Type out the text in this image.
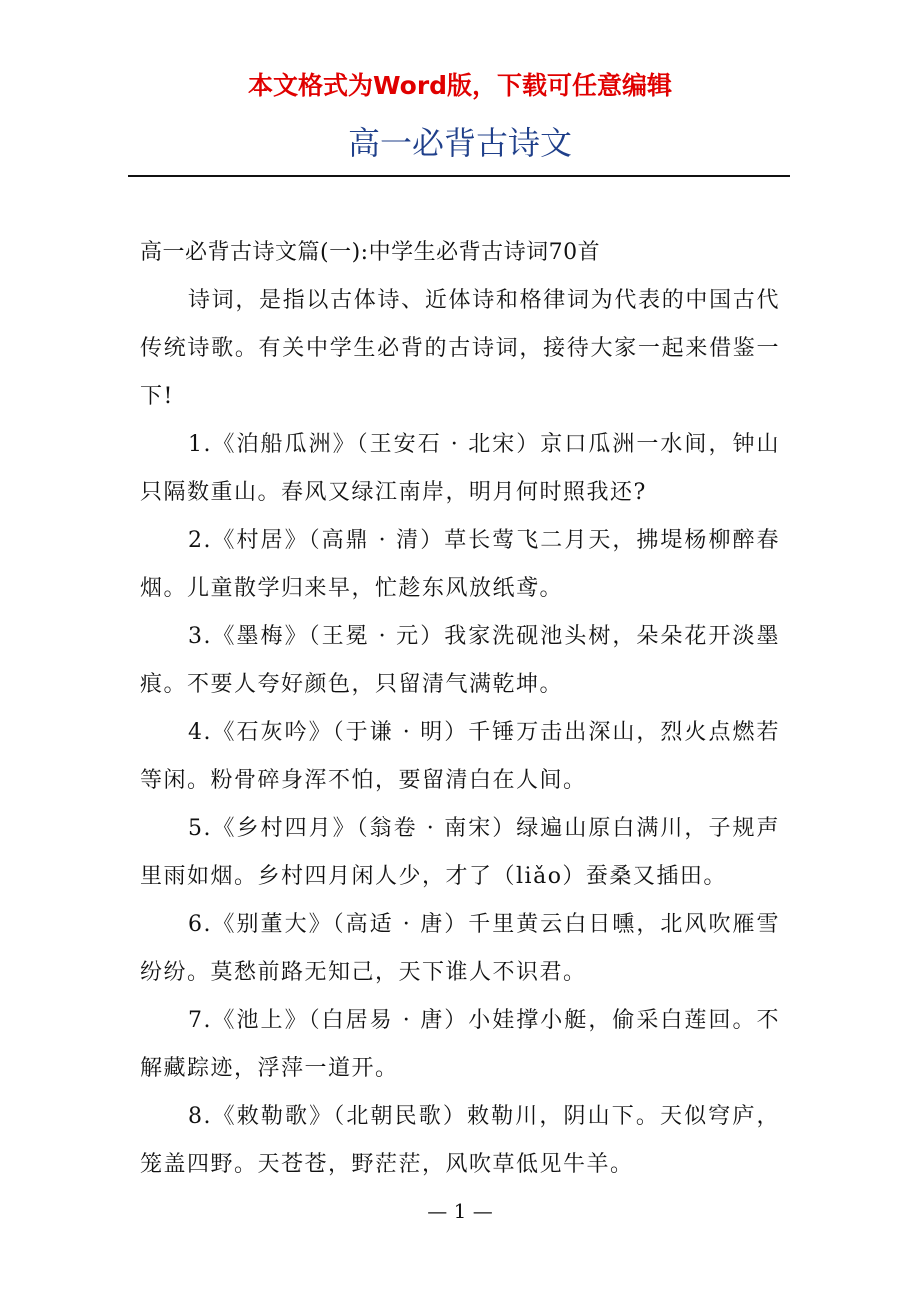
本文格式为Word版，下载可任意编辑
高一必背古诗文

高一必背古诗文篇(一):中学生必背古诗词70首

诗词，是指以古体诗、近体诗和格律词为代表的中国古代传统诗歌。有关中学生必背的古诗词，接待大家一起来借鉴一下!

1.《泊船瓜洲》（王安石 · 北宋）京口瓜洲一水间，钟山只隔数重山。春风又绿江南岸，明月何时照我还?

2.《村居》（高鼎 · 清）草长莺飞二月天，拂堤杨柳醉春烟。儿童散学归来早，忙趁东风放纸鸢。

3.《墨梅》（王冕 · 元）我家洗砚池头树，朵朵花开淡墨痕。不要人夸好颜色，只留清气满乾坤。

4.《石灰吟》（于谦 · 明）千锤万击出深山，烈火点燃若等闲。粉骨碎身浑不怕，要留清白在人间。

5.《乡村四月》（翁卷 · 南宋）绿遍山原白满川，子规声里雨如烟。乡村四月闲人少，才了（liǎo）蚕桑又插田。

6.《别董大》（高适 · 唐）千里黄云白日曛，北风吹雁雪纷纷。莫愁前路无知己，天下谁人不识君。

7.《池上》（白居易 · 唐）小娃撑小艇，偷采白莲回。不解藏踪迹，浮萍一道开。

8.《敕勒歌》（北朝民歌）敕勒川，阴山下。天似穹庐，笼盖四野。天苍苍，野茫茫，风吹草低见牛羊。

— 1 —
